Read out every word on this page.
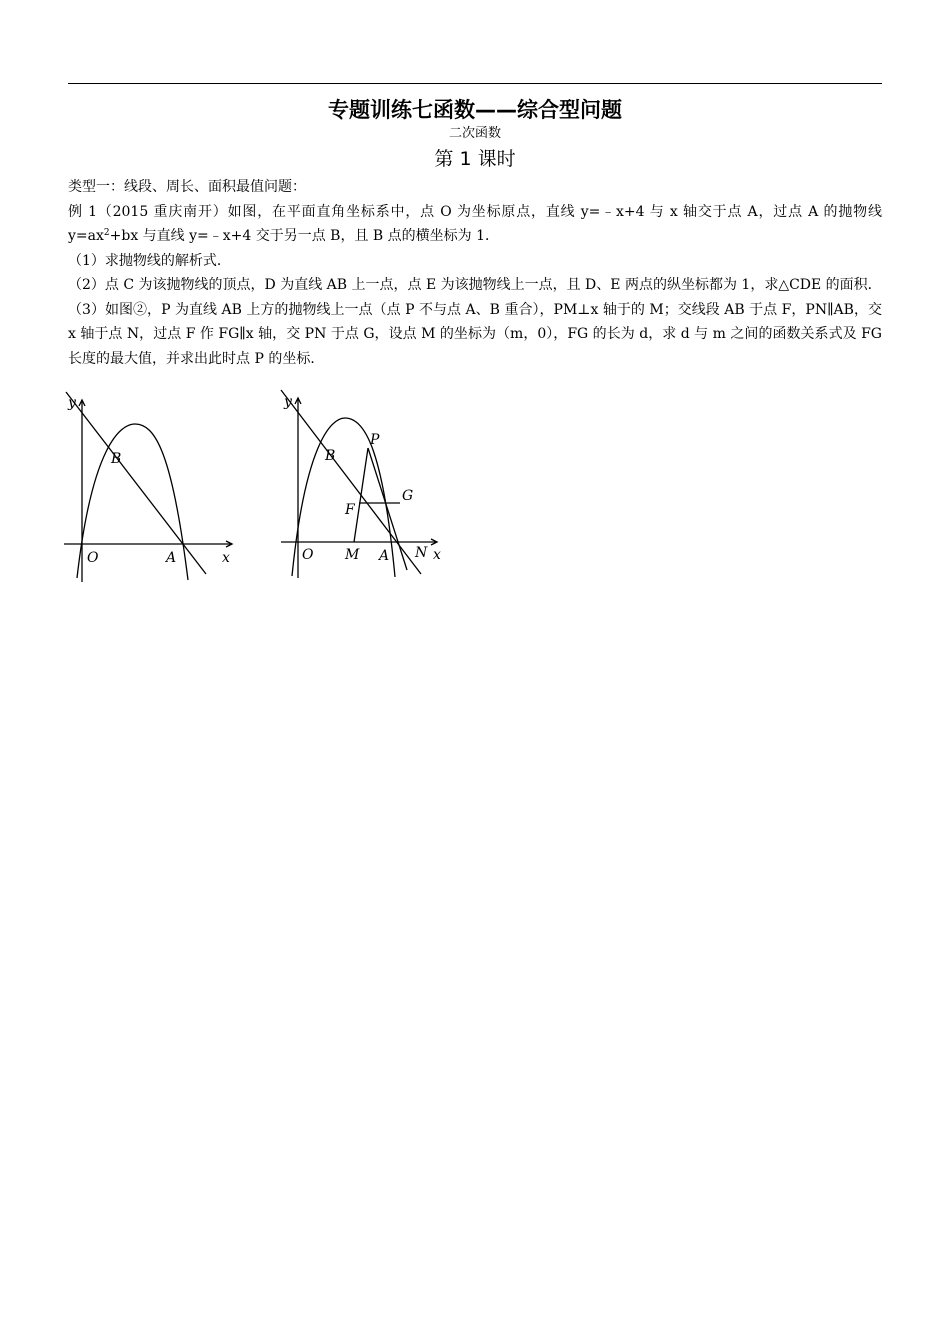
专题训练七函数——综合型问题
二次函数
第 1 课时

类型一：线段、周长、面积最值问题：

例 1（2015 重庆南开）如图，在平面直角坐标系中，点 O 为坐标原点，直线 y=﹣x+4 与 x 轴交于点 A，过点 A 的抛物线 $y=ax^2+bx$ 与直线 y=﹣x+4 交于另一点 B，且 B 点的横坐标为 1．

（1）求抛物线的解析式．

（2）点 C 为该抛物线的顶点，D 为直线 AB 上一点，点 E 为该抛物线上一点，且 D、E 两点的纵坐标都为 1，求△CDE 的面积．

（3）如图②，P 为直线 AB 上方的抛物线上一点（点 P 不与点 A、B 重合），PM⊥x 轴于的 M；交线段 AB 于点 F，PN∥AB，交 x 轴于点 N，过点 F 作 FG∥x 轴，交 PN 于点 G，设点 M 的坐标为（m，0），FG 的长为 d，求 d 与 m 之间的函数关系式及 FG 长度的最大值，并求出此时点 P 的坐标．

y
x
O	A
B
y
x
O M A N
B
P
F
G
